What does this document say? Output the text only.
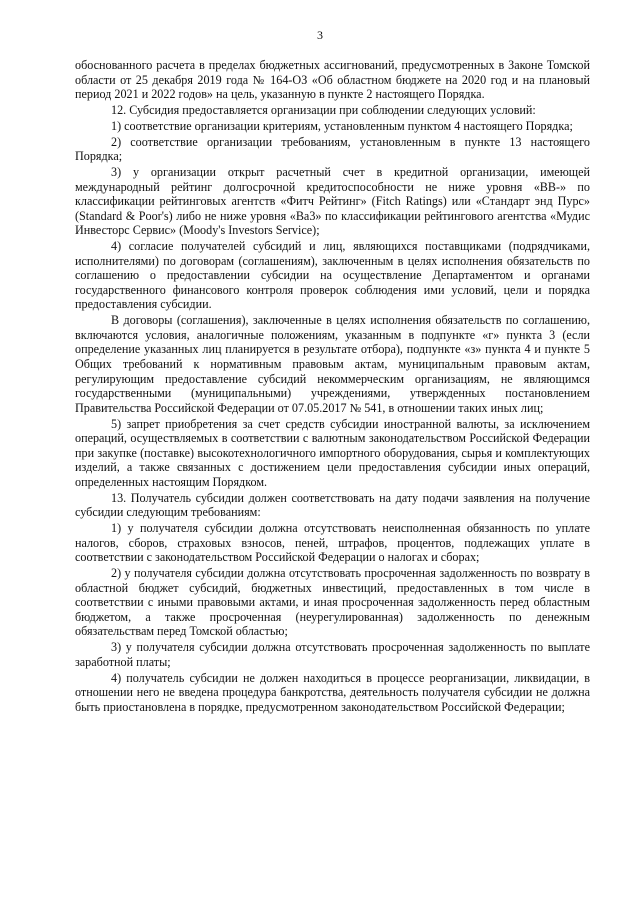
3

обоснованного расчета в пределах бюджетных ассигнований, предусмотренных в Законе Томской области от 25 декабря 2019 года № 164-ОЗ «Об областном бюджете на 2020 год и на плановый период 2021 и 2022 годов» на цель, указанную в пункте 2 настоящего Порядка.

12. Субсидия предоставляется организации при соблюдении следующих условий:

1) соответствие организации критериям, установленным пунктом 4 настоящего Порядка;

2) соответствие организации требованиям, установленным в пункте 13 настоящего Порядка;

3) у организации открыт расчетный счет в кредитной организации, имеющей международный рейтинг долгосрочной кредитоспособности не ниже уровня «BB-» по классификации рейтинговых агентств «Фитч Рейтинг» (Fitch Ratings) или «Стандарт энд Пурс» (Standard & Poor's) либо не ниже уровня «Ba3» по классификации рейтингового агентства «Мудис Инвесторс Сервис» (Moody's Investors Service);

4) согласие получателей субсидий и лиц, являющихся поставщиками (подрядчиками, исполнителями) по договорам (соглашениям), заключенным в целях исполнения обязательств по соглашению о предоставлении субсидии на осуществление Департаментом и органами государственного финансового контроля проверок соблюдения ими условий, цели и порядка предоставления субсидии.

В договоры (соглашения), заключенные в целях исполнения обязательств по соглашению, включаются условия, аналогичные положениям, указанным в подпункте «г» пункта 3 (если определение указанных лиц планируется в результате отбора), подпункте «з» пункта 4 и пункте 5 Общих требований к нормативным правовым актам, муниципальным правовым актам, регулирующим предоставление субсидий некоммерческим организациям, не являющимся государственными (муниципальными) учреждениями, утвержденных постановлением Правительства Российской Федерации от 07.05.2017 № 541, в отношении таких иных лиц;

5) запрет приобретения за счет средств субсидии иностранной валюты, за исключением операций, осуществляемых в соответствии с валютным законодательством Российской Федерации при закупке (поставке) высокотехнологичного импортного оборудования, сырья и комплектующих изделий, а также связанных с достижением цели предоставления субсидии иных операций, определенных настоящим Порядком.

13. Получатель субсидии должен соответствовать на дату подачи заявления на получение субсидии следующим требованиям:

1) у получателя субсидии должна отсутствовать неисполненная обязанность по уплате налогов, сборов, страховых взносов, пеней, штрафов, процентов, подлежащих уплате в соответствии с законодательством Российской Федерации о налогах и сборах;

2) у получателя субсидии должна отсутствовать просроченная задолженность по возврату в областной бюджет субсидий, бюджетных инвестиций, предоставленных в том числе в соответствии с иными правовыми актами, и иная просроченная задолженность перед областным бюджетом, а также просроченная (неурегулированная) задолженность по денежным обязательствам перед Томской областью;

3) у получателя субсидии должна отсутствовать просроченная задолженность по выплате заработной платы;

4) получатель субсидии не должен находиться в процессе реорганизации, ликвидации, в отношении него не введена процедура банкротства, деятельность получателя субсидии не должна быть приостановлена в порядке, предусмотренном законодательством Российской Федерации;
